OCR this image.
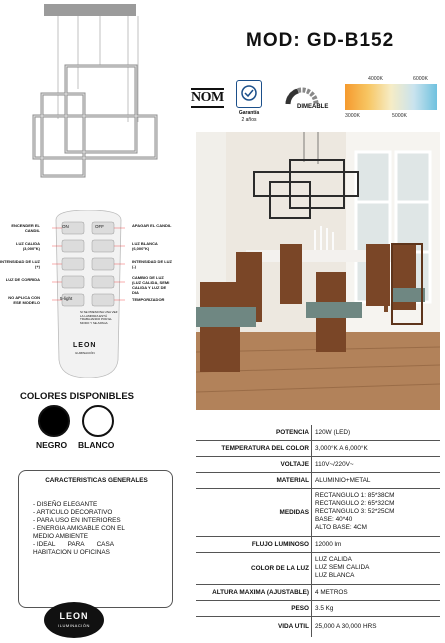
MOD: GD-B152
NOM
Garantía
2 años
DIMEABLE
4000K	6000K
3000K	5000K
ON	OFF
5-light
SI SE PRESIONA UNA VEZ LA LAMPARA ESTÁ TRABAJANDO POR EL MODO Y SE APAGA
LEON
ILUMINACIÓN
ENCENDER EL CANDIL
LUZ CALIDA (3,000°K)
INTENSIDAD DE LUZ (+)
LUZ DE CORRIDA
NO APLICA CON ESE MODELO
APAGAR EL CANDIL
LUZ BLANCA (6,000°K)
INTENSIDAD DE LUZ (-)
CAMBIO DE LUZ (LUZ CALIDA, SEMI CALIDA Y LUZ DE DIA
TEMPORIZADOR
COLORES DISPONIBLES
NEGRO BLANCO
CARACTERISTICAS GENERALES
- DISEÑO ELEGANTE
- ARTICULO DECORATIVO
- PARA USO EN INTERIORES
- ENERGIA AMIGABLE CON EL
MEDIO AMBIENTE
- IDEAL       PARA       CASA
HABITACION U OFICINAS
LEON
ILUMINACIÓN
POTENCIA 120W (LED)
TEMPERATURA DEL COLOR 3,000°K A 6,000°K
VOLTAJE 110V~/220V~
MATERIAL ALUMINIO+METAL
MEDIDAS
RECTANGULO 1: 85*38CM
RECTANGULO 2: 65*32CM
RECTANGULO 3: 52*25CM
BASE: 40*40
ALTO BASE: 4CM
FLUJO LUMINOSO 12000 lm
COLOR DE LA LUZ
LUZ CALIDA
LUZ SEMI CALIDA
LUZ BLANCA
ALTURA MAXIMA (AJUSTABLE) 4 METROS
PESO 3.5 Kg
VIDA UTIL 25,000 A 30,000 HRS
